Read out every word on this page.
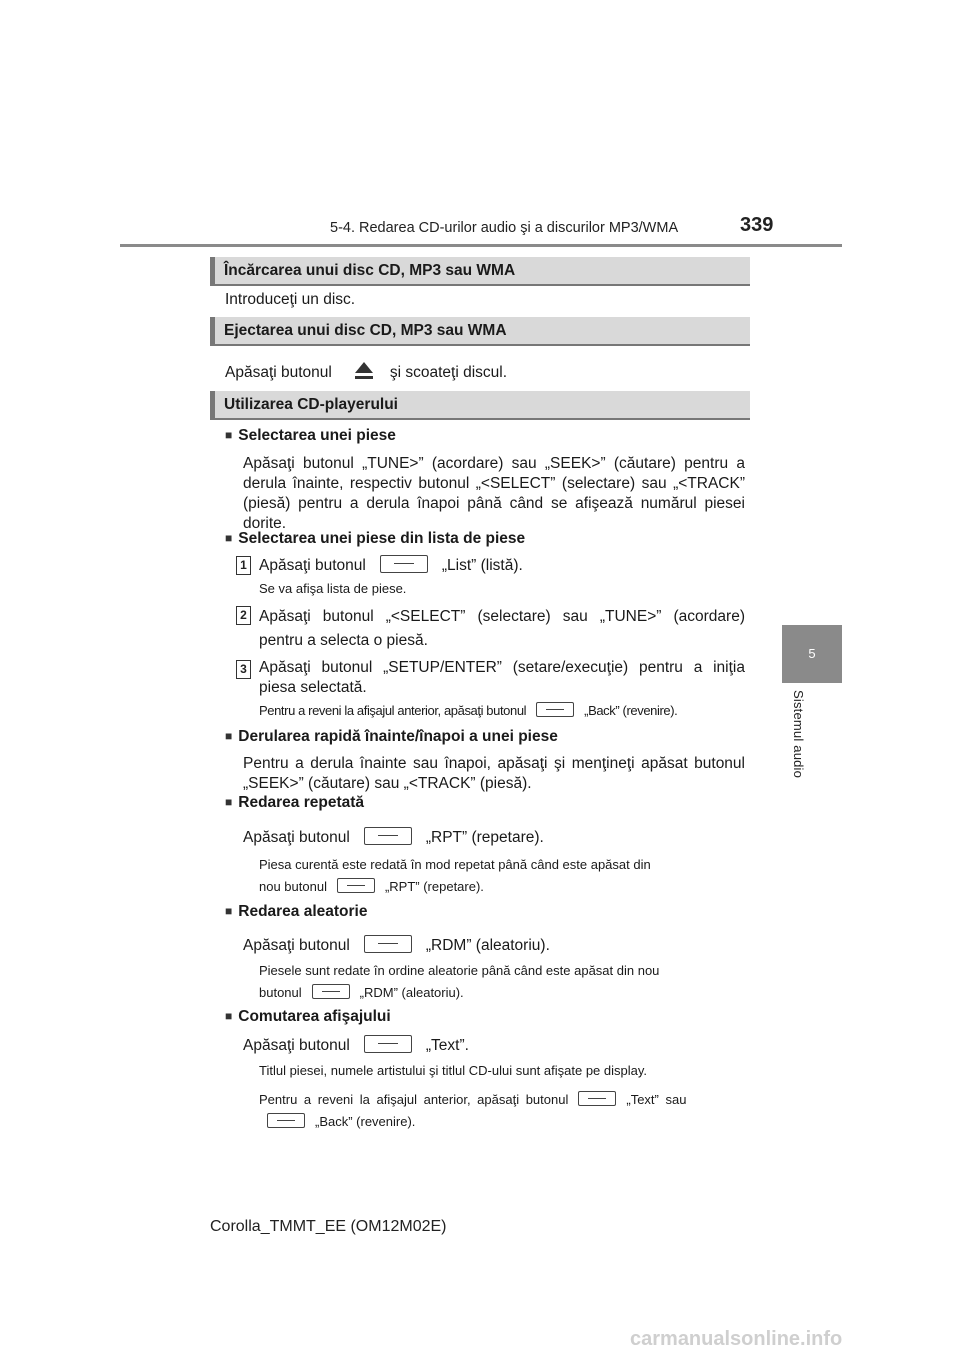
5-4. Redarea CD-urilor audio şi a discurilor MP3/WMA	339
5
Sistemul audio
Încărcarea unui disc CD, MP3 sau WMA
Introduceţi un disc.
Ejectarea unui disc CD, MP3 sau WMA
Apăsaţi butonul	şi scoateţi discul.
Utilizarea CD-playerului
■ Selectarea unei piese
Apăsaţi butonul „TUNE>” (acordare) sau „SEEK>” (căutare) pentru a derula înainte, respectiv butonul „<SELECT” (selectare) sau „<TRACK” (piesă) pentru a derula înapoi până când se afişează numărul piesei dorite.
■ Selectarea unei piese din lista de piese
1 Apăsaţi butonul	„List” (listă).
Se va afişa lista de piese.
2 Apăsaţi butonul „<SELECT” (selectare) sau „TUNE>” (acordare) pentru a selecta o piesă.
3 Apăsaţi butonul „SETUP/ENTER” (setare/execuţie) pentru a iniţia piesa selectată.
Pentru a reveni la afişajul anterior, apăsaţi butonul	„Back” (revenire).
■ Derularea rapidă înainte/înapoi a unei piese
Pentru a derula înainte sau înapoi, apăsaţi şi menţineţi apăsat butonul „SEEK>” (căutare) sau „<TRACK” (piesă).
■ Redarea repetată
Apăsaţi butonul	„RPT” (repetare).
Piesa curentă este redată în mod repetat până când este apăsat din
nou butonul	„RPT” (repetare).
■ Redarea aleatorie
Apăsaţi butonul	„RDM” (aleatoriu).
Piesele sunt redate în ordine aleatorie până când este apăsat din nou
butonul	„RDM” (aleatoriu).
■ Comutarea afişajului
Apăsaţi butonul	„Text”.
Titlul piesei, numele artistului şi titlul CD-ului sunt afişate pe display.
Pentru a reveni la afişajul anterior, apăsaţi butonul	„Text” sau
„Back” (revenire).
Corolla_TMMT_EE (OM12M02E)
carmanualsonline.info
